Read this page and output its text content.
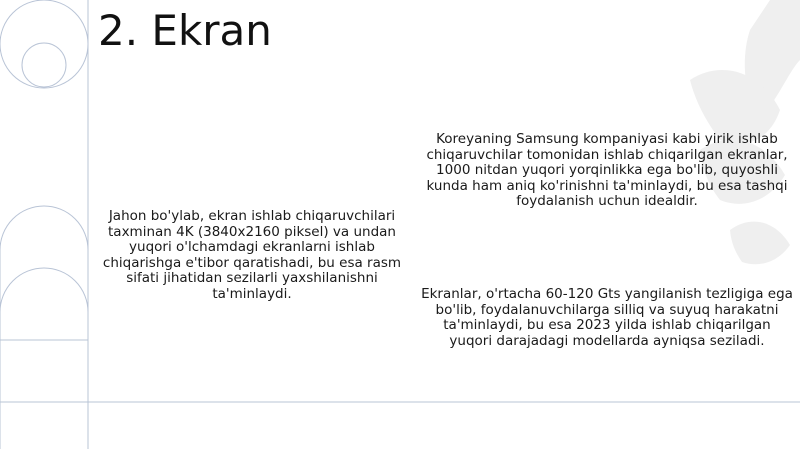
2. Ekran

Jahon bo'ylab, ekran ishlab chiqaruvchilari taxminan 4K (3840x2160 piksel) va undan yuqori o'lchamdagi ekranlarni ishlab chiqarishga e'tibor qaratishadi, bu esa rasm sifati jihatidan sezilarli yaxshilanishni ta'minlaydi.

Koreyaning Samsung kompaniyasi kabi yirik ishlab chiqaruvchilar tomonidan ishlab chiqarilgan ekranlar, 1000 nitdan yuqori yorqinlikka ega bo'lib, quyoshli kunda ham aniq ko'rinishni ta'minlaydi, bu esa tashqi foydalanish uchun idealdir.

Ekranlar, o'rtacha 60-120 Gts yangilanish tezligiga ega bo'lib, foydalanuvchilarga silliq va suyuq harakatni ta'minlaydi, bu esa 2023 yilda ishlab chiqarilgan yuqori darajadagi modellarda ayniqsa seziladi.
